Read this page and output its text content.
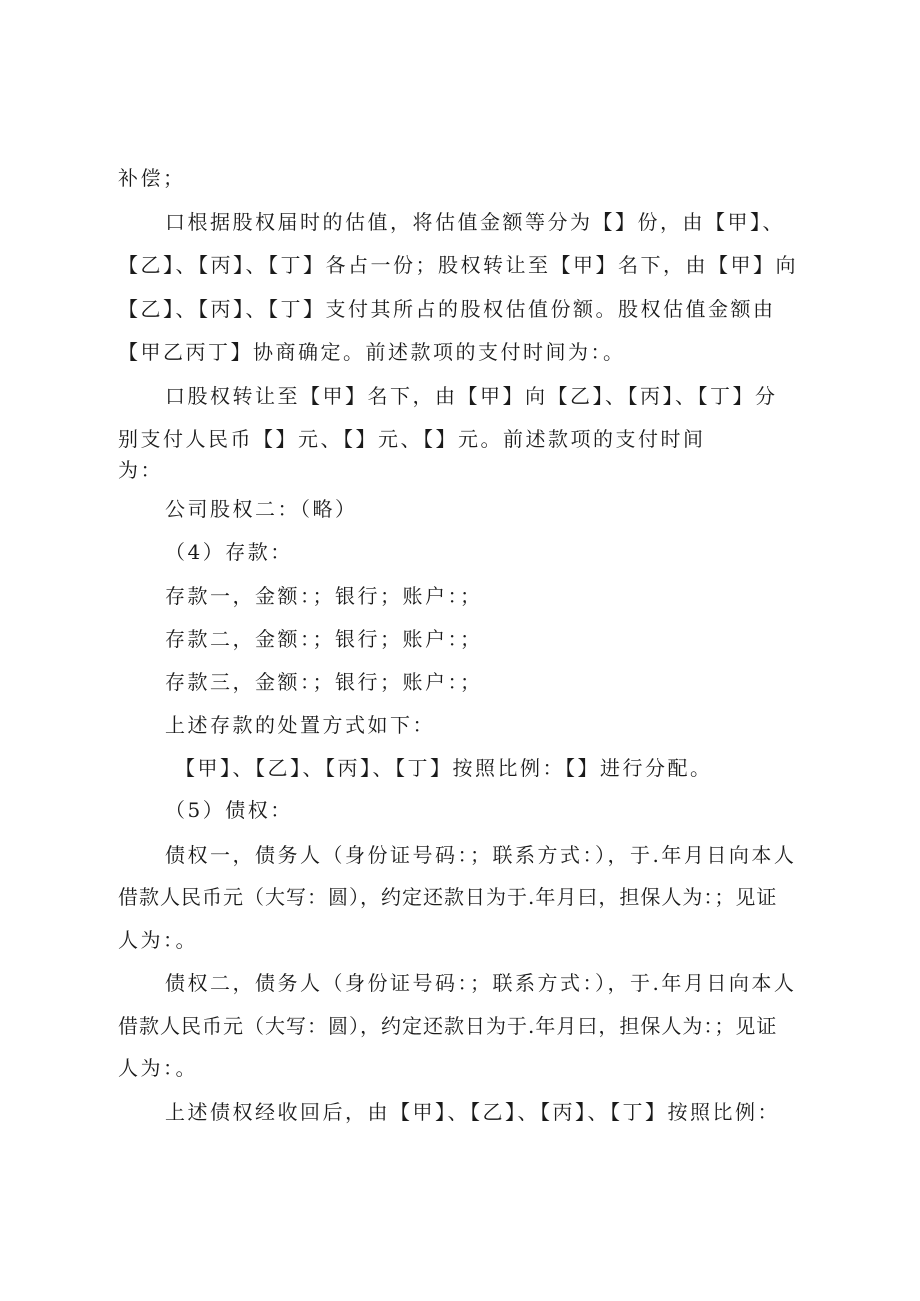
补偿；

口根据股权届时的估值，将估值金额等分为【】份，由【甲】、

【乙】、【丙】、【丁】各占一份；股权转让至【甲】名下，由【甲】向

【乙】、【丙】、【丁】支付其所占的股权估值份额。股权估值金额由

【甲乙丙丁】协商确定。前述款项的支付时间为：。

口股权转让至【甲】名下，由【甲】向【乙】、【丙】、【丁】分

别支付人民币【】元、【】元、【】元。前述款项的支付时间

为：

公司股权二：（略）

（4）存款：

存款一，金额：；银行；账户：；

存款二，金额：；银行；账户：；

存款三，金额：；银行；账户：；

上述存款的处置方式如下：

【甲】、【乙】、【丙】、【丁】按照比例：【】进行分配。

（5）债权：

债权一，债务人（身份证号码：；联系方式：），于.年月日向本人

借款人民币元（大写：圆），约定还款日为于.年月曰，担保人为：；见证

人为：。

债权二，债务人（身份证号码：；联系方式：），于.年月日向本人

借款人民币元（大写：圆），约定还款日为于.年月曰，担保人为：；见证

人为：。

上述债权经收回后，由【甲】、【乙】、【丙】、【丁】按照比例：
